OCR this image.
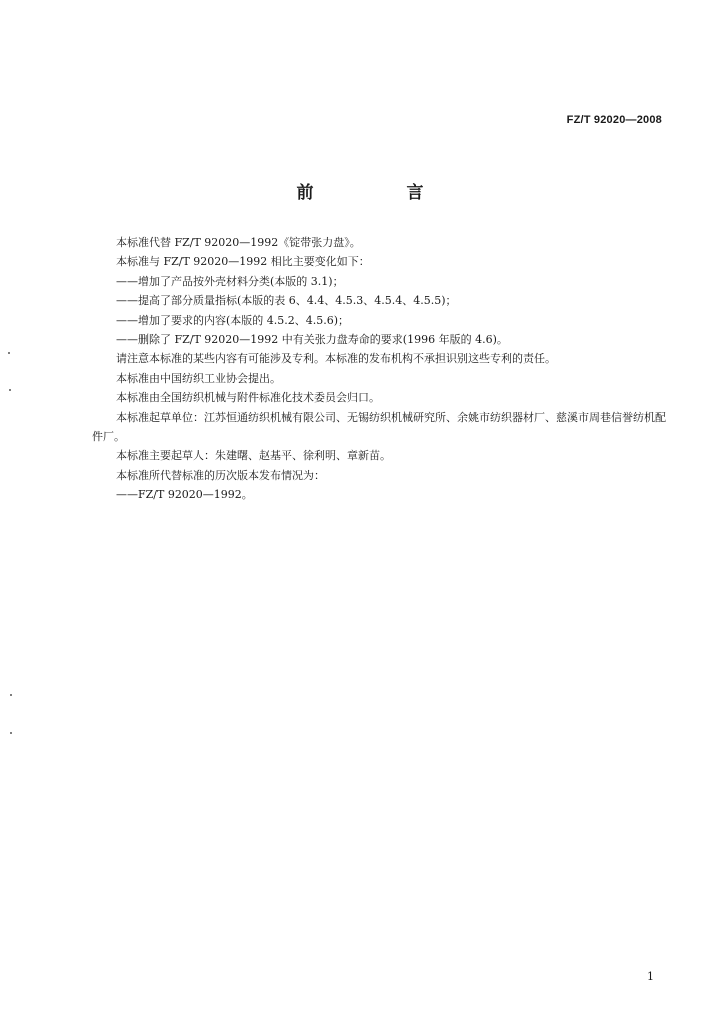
FZ/T 92020—2008
前　言

本标准代替 FZ/T 92020—1992《锭带张力盘》。

本标准与 FZ/T 92020—1992 相比主要变化如下：

——增加了产品按外壳材料分类(本版的 3.1)；

——提高了部分质量指标(本版的表 6、4.4、4.5.3、4.5.4、4.5.5)；

——增加了要求的内容(本版的 4.5.2、4.5.6)；

——删除了 FZ/T 92020—1992 中有关张力盘寿命的要求(1996 年版的 4.6)。

请注意本标准的某些内容有可能涉及专利。本标准的发布机构不承担识别这些专利的责任。

本标准由中国纺织工业协会提出。

本标准由全国纺织机械与附件标准化技术委员会归口。

本标准起草单位：江苏恒通纺织机械有限公司、无锡纺织机械研究所、余姚市纺织器材厂、慈溪市周巷信誉纺机配件厂。

本标准主要起草人：朱建曙、赵基平、徐利明、章新苗。

本标准所代替标准的历次版本发布情况为：

——FZ/T 92020—1992。

1
